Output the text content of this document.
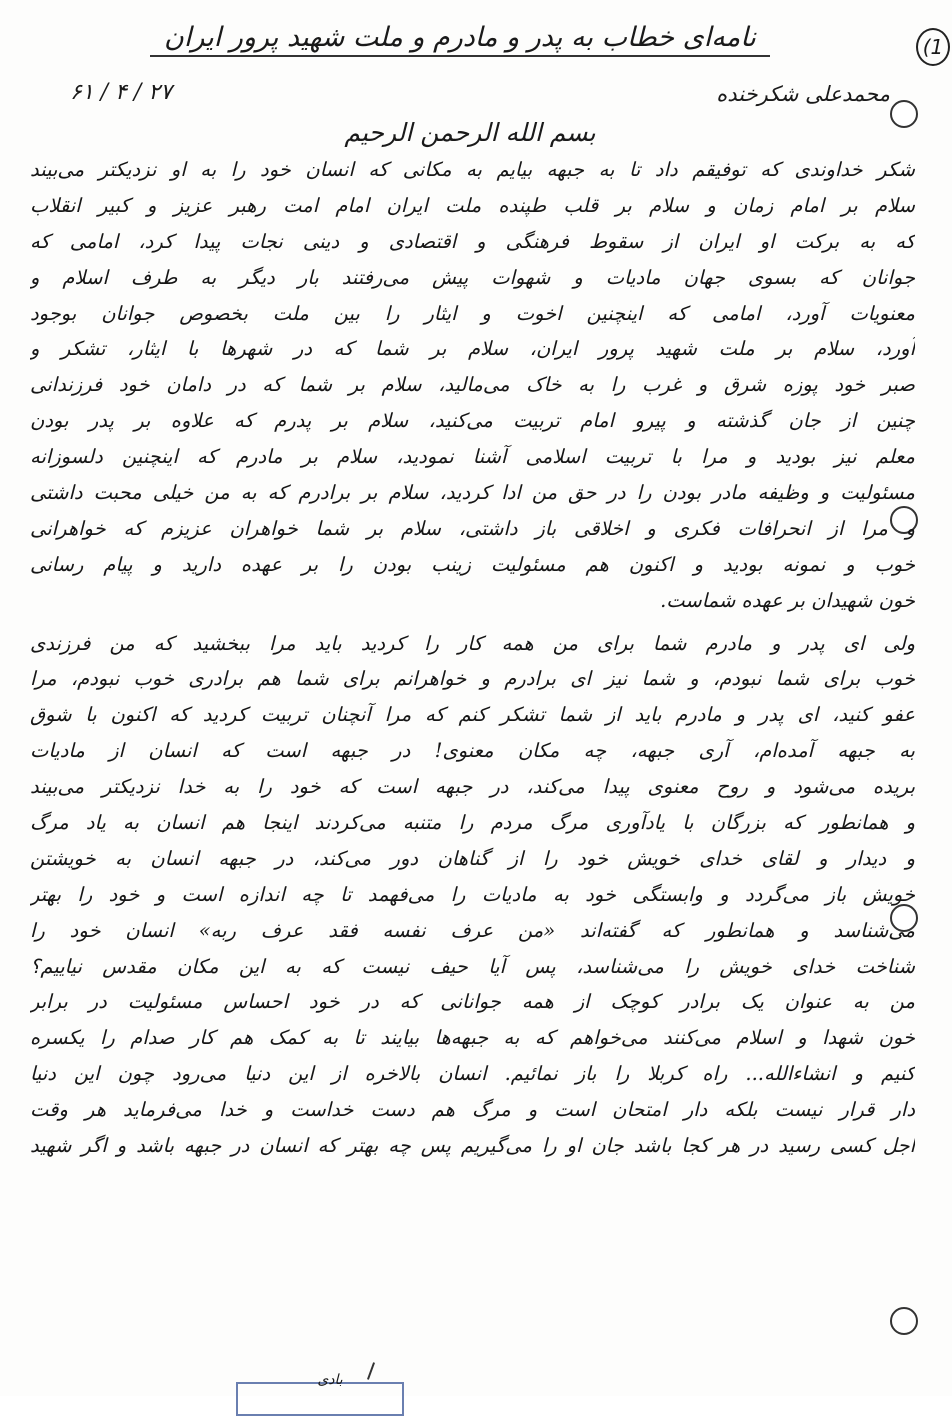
(1
نامه‌ای خطاب به پدر و مادرم و ملت شهید پرور ایران
محمدعلی شکرخنده
۶۱ / ۴ / ۲۷
بسم الله الرحمن الرحیم
شکر خداوندی که توفیقم داد تا به جبهه بیایم به مکانی که انسان خود را به او نزدیکتر می‌بیند
سلام بر امام زمان و سلام بر قلب طپنده ملت ایران امام امت رهبر عزیز و کبیر انقلاب
که به برکت او ایران از سقوط فرهنگی و اقتصادی و دینی نجات پیدا کرد، امامی که
جوانان که بسوی جهان مادیات و شهوات پیش می‌رفتند بار دیگر به طرف اسلام و
معنویات آورد، امامی که اینچنین اخوت و ایثار را بین ملت بخصوص جوانان بوجود
آورد، سلام بر ملت شهید پرور ایران، سلام بر شما که در شهرها با ایثار، تشکر و
صبر خود پوزه شرق و غرب را به خاک می‌مالید، سلام بر شما که در دامان خود فرزندانی
چنین از جان گذشته و پیرو امام تربیت می‌کنید، سلام بر پدرم که علاوه بر پدر بودن
معلم نیز بودید و مرا با تربیت اسلامی آشنا نمودید، سلام بر مادرم که اینچنین دلسوزانه
مسئولیت و وظیفه مادر بودن را در حق من ادا کردید، سلام بر برادرم که به من خیلی محبت داشتی
و مرا از انحرافات فکری و اخلاقی باز داشتی، سلام بر شما خواهران عزیزم که خواهرانی
خوب و نمونه بودید و اکنون هم مسئولیت زینب بودن را بر عهده دارید و پیام رسانی
خون شهیدان بر عهده شماست.
ولی ای پدر و مادرم شما برای من همه کار را کردید باید مرا ببخشید که من فرزندی
خوب برای شما نبودم، و شما نیز ای برادرم و خواهرانم برای شما هم برادری خوب نبودم، مرا
عفو کنید، ای پدر و مادرم باید از شما تشکر کنم که مرا آنچنان تربیت کردید که اکنون با شوق
به جبهه آمده‌ام، آری جبهه، چه مکان معنوی! در جبهه است که انسان از مادیات
بریده می‌شود و روح معنوی پیدا می‌کند، در جبهه است که خود را به خدا نزدیکتر می‌بیند
و همانطور که بزرگان با یادآوری مرگ مردم را متنبه می‌کردند اینجا هم انسان به یاد مرگ
و دیدار و لقای خدای خویش خود را از گناهان دور می‌کند، در جبهه انسان به خویشتن
خویش باز می‌گردد و وابستگی خود به مادیات را می‌فهمد تا چه اندازه است و خود را بهتر
می‌شناسد و همانطور که گفته‌اند «من عرف نفسه فقد عرف ربه» انسان خود را
شناخت خدای خویش را می‌شناسد، پس آیا حیف نیست که به این مکان مقدس نیاییم؟
من به عنوان یک برادر کوچک از همه جوانانی که در خود احساس مسئولیت در برابر
خون شهدا و اسلام می‌کنند می‌خواهم که به جبهه‌ها بیایند تا به کمک هم کار صدام را یکسره
کنیم و انشاءالله... راه کربلا را باز نمائیم. انسان بالاخره از این دنیا می‌رود چون این دنیا
دار قرار نیست بلکه دار امتحان است و مرگ هم دست خداست و خدا می‌فرماید هر وقت
اجل کسی رسید در هر کجا باشد جان او را می‌گیریم پس چه بهتر که انسان در جبهه باشد و اگر شهید
بادی
